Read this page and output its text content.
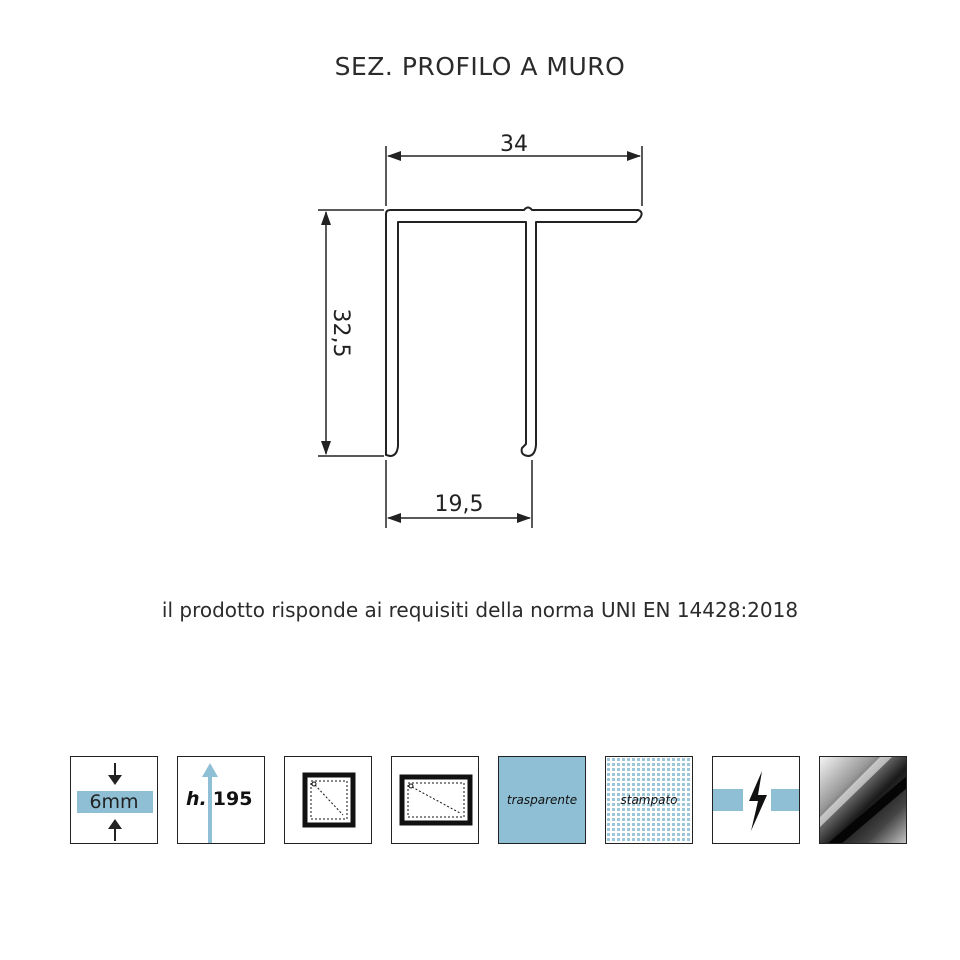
SEZ. PROFILO A MURO
34
32,5
19,5
il prodotto risponde ai requisiti della norma UNI EN 14428:2018
6mm	h. 195	trasparente	stampato
